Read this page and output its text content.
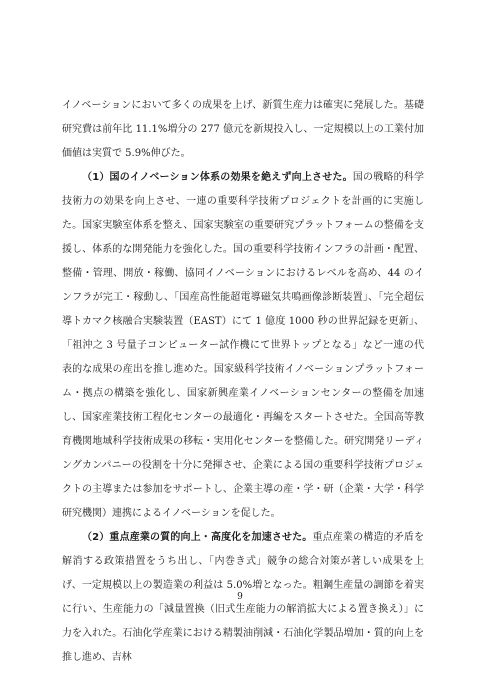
イノベーションにおいて多くの成果を上げ、新質生産力は確実に発展した。基礎研究費は前年比 11.1%増分の 277 億元を新規投入し、一定規模以上の工業付加価値は実質で 5.9%伸びた。

（1）国のイノベーション体系の効果を絶えず向上させた。国の戦略的科学技術力の効果を向上させ、一連の重要科学技術プロジェクトを計画的に実施した。国家実験室体系を整え、国家実験室の重要研究プラットフォームの整備を支援し、体系的な開発能力を強化した。国の重要科学技術インフラの計画・配置、整備・管理、開放・稼働、協同イノベーションにおけるレベルを高め、44 のインフラが完工・稼動し、「国産高性能超電導磁気共鳴画像診断装置」、「完全超伝導トカマク核融合実験装置（EAST）にて 1 億度 1000 秒の世界記録を更新」、「祖沖之 3 号量子コンピューター試作機にて世界トップとなる」など一連の代表的な成果の産出を推し進めた。国家級科学技術イノベーションプラットフォーム・拠点の構築を強化し、国家新興産業イノベーションセンターの整備を加速し、国家産業技術工程化センターの最適化・再編をスタートさせた。全国高等教育機関地域科学技術成果の移転・実用化センターを整備した。研究開発リーディングカンパニーの役割を十分に発揮させ、企業による国の重要科学技術プロジェクトの主導または参加をサポートし、企業主導の産・学・研（企業・大学・科学研究機関）連携によるイノベーションを促した。

（2）重点産業の質的向上・高度化を加速させた。重点産業の構造的矛盾を解消する政策措置をうち出し、「内巻き式」競争の総合対策が著しい成果を上げ、一定規模以上の製造業の利益は 5.0%増となった。粗鋼生産量の調節を着実に行い、生産能力の「減量置換（旧式生産能力の解消拡大による置き換え）」に力を入れた。石油化学産業における精製油削減・石油化学製品増加・質的向上を推し進め、吉林

9
